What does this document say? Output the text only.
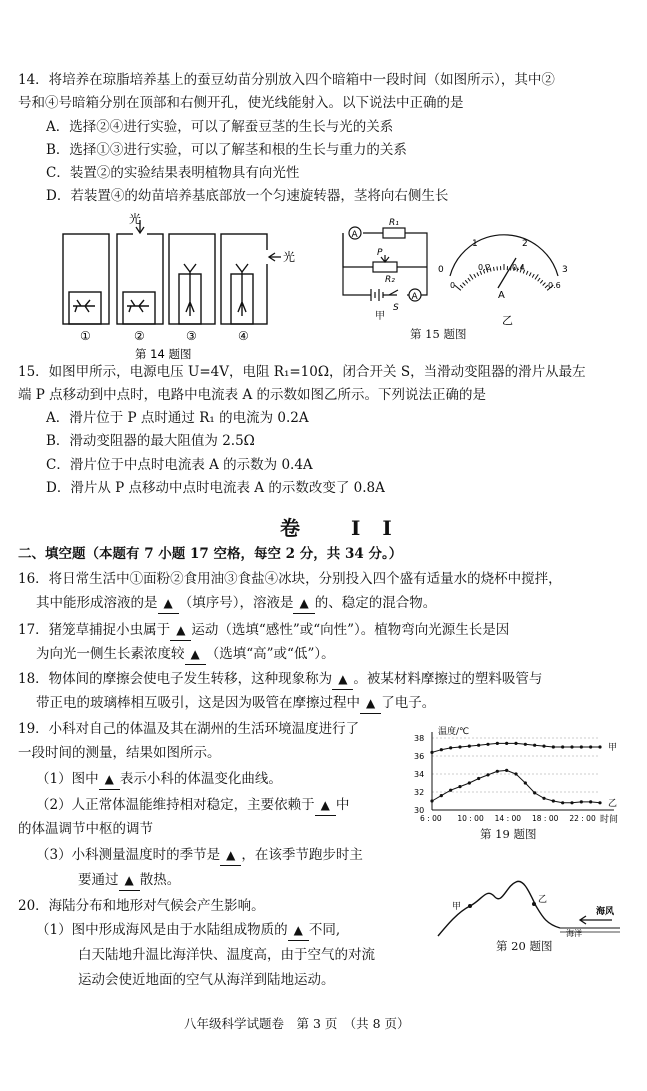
14．将培养在琼脂培养基上的蚕豆幼苗分别放入四个暗箱中一段时间（如图所示），其中②
号和④号暗箱分别在顶部和右侧开孔，使光线能射入。以下说法中正确的是
A．选择②④进行实验，可以了解蚕豆茎的生长与光的关系
B．选择①③进行实验，可以了解茎和根的生长与重力的关系
C．装置②的实验结果表明植物具有向光性
D．若装置④的幼苗培养基底部放一个匀速旋转器，茎将向右侧生长
光
光
①	②	③	④
第 14 题图
A
R₁
P
R₂
A
S
甲
1	2
0	3
0.2	0.4
0	0.6
A
乙
第 15 题图
15．如图甲所示，电源电压 U=4V，电阻 R₁=10Ω，闭合开关 S，当滑动变阻器的滑片从最左
端 P 点移动到中点时，电路中电流表 A 的示数如图乙所示。下列说法正确的是
A．滑片位于 P 点时通过 R₁ 的电流为 0.2A
B．滑动变阻器的最大阻值为 2.5Ω
C．滑片位于中点时电流表 A 的示数为 0.4A
D．滑片从 P 点移动中点时电流表 A 的示数改变了 0.8A
卷 II
二、填空题（本题有 7 小题 17 空格，每空 2 分，共 34 分。）
16．将日常生活中①面粉②食用油③食盐④冰块，分别投入四个盛有适量水的烧杯中搅拌，
其中能形成溶液的是 ▲ （填序号），溶液是 ▲ 的、稳定的混合物。
17．猪笼草捕捉小虫属于 ▲ 运动（选填“感性”或“向性”）。植物弯向光源生长是因
为向光一侧生长素浓度较 ▲ （选填“高”或“低”）。
18．物体间的摩擦会使电子发生转移，这种现象称为 ▲ 。被某材料摩擦过的塑料吸管与
带正电的玻璃棒相互吸引，这是因为吸管在摩擦过程中 ▲ 了电子。
19．小科对自己的体温及其在湖州的生活环境温度进行了
一段时间的测量，结果如图所示。
（1）图中 ▲ 表示小科的体温变化曲线。
（2）人正常体温能维持相对稳定，主要依赖于 ▲ 中
的体温调节中枢的调节
（3）小科测量温度时的季节是 ▲ ，在该季节跑步时主
要通过 ▲ 散热。
30
32
34
36
38
6 : 00 10 : 00 14 : 00 18 : 00 22 : 00
甲
乙
温度/℃
时间
第 19 题图
20．海陆分布和地形对气候会产生影响。
（1）图中形成海风是由于水陆组成物质的 ▲ 不同,
白天陆地升温比海洋快、温度高，由于空气的对流
运动会使近地面的空气从海洋到陆地运动。
甲
乙
海风
海洋
第 20 题图
八年级科学试题卷　第 3 页　（共 8 页）
